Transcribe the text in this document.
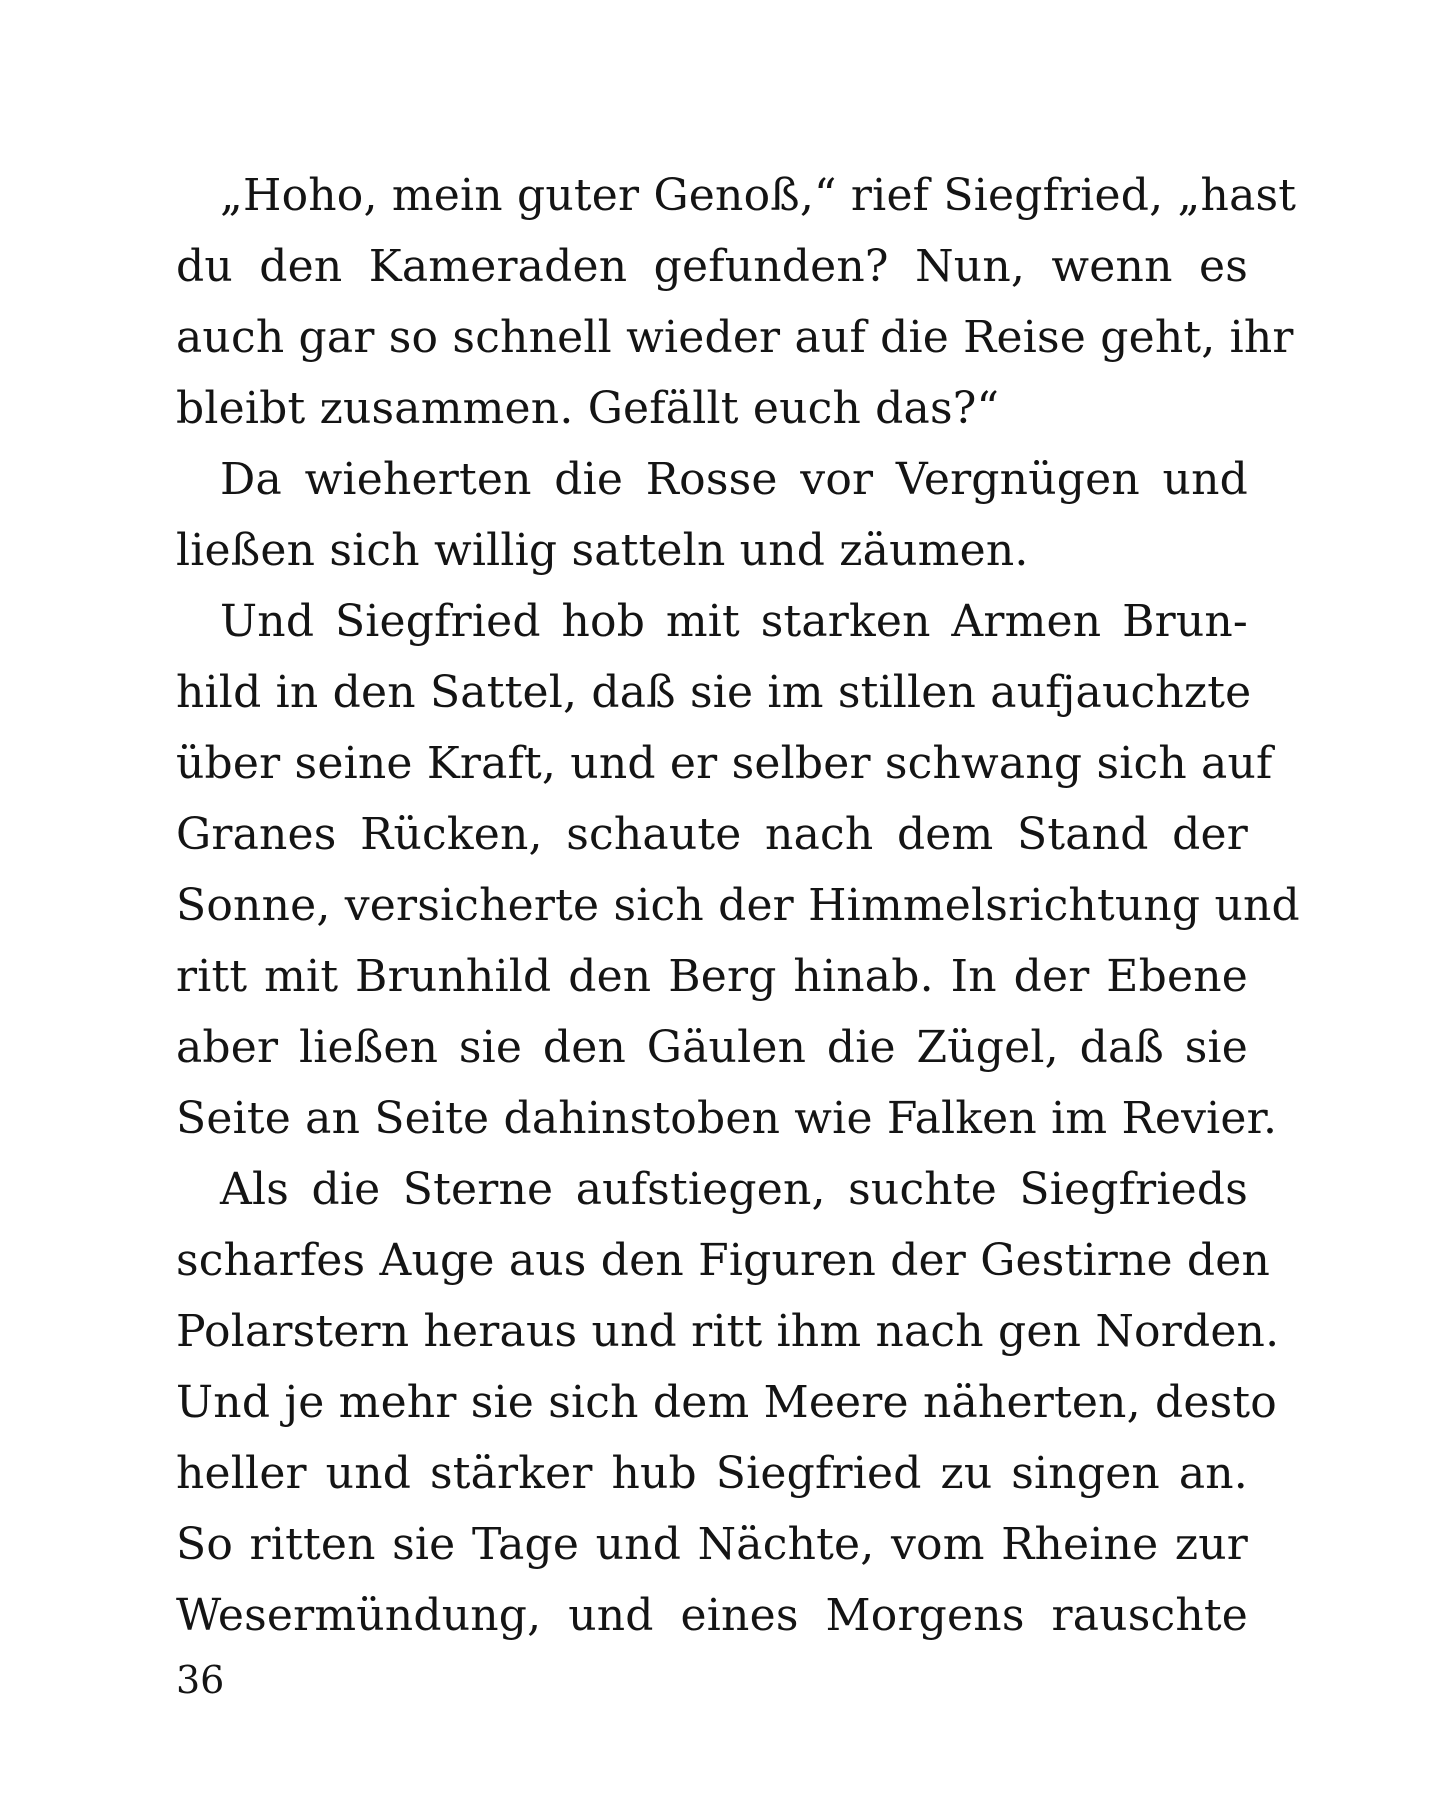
„Hoho, mein guter Genoß,“ rief Siegfried, „hast
du den Kameraden gefunden? Nun, wenn es
auch gar so schnell wieder auf die Reise geht, ihr
bleibt zusammen. Gefällt euch das?“
Da wieherten die Rosse vor Vergnügen und
ließen sich willig satteln und zäumen.
Und Siegfried hob mit starken Armen Brun-
hild in den Sattel, daß sie im stillen aufjauchzte
über seine Kraft, und er selber schwang sich auf
Granes Rücken, schaute nach dem Stand der
Sonne, versicherte sich der Himmelsrichtung und
ritt mit Brunhild den Berg hinab. In der Ebene
aber ließen sie den Gäulen die Zügel, daß sie
Seite an Seite dahinstoben wie Falken im Revier.
Als die Sterne aufstiegen, suchte Siegfrieds
scharfes Auge aus den Figuren der Gestirne den
Polarstern heraus und ritt ihm nach gen Norden.
Und je mehr sie sich dem Meere näherten, desto
heller und stärker hub Siegfried zu singen an.
So ritten sie Tage und Nächte, vom Rheine zur
Wesermündung, und eines Morgens rauschte
36
